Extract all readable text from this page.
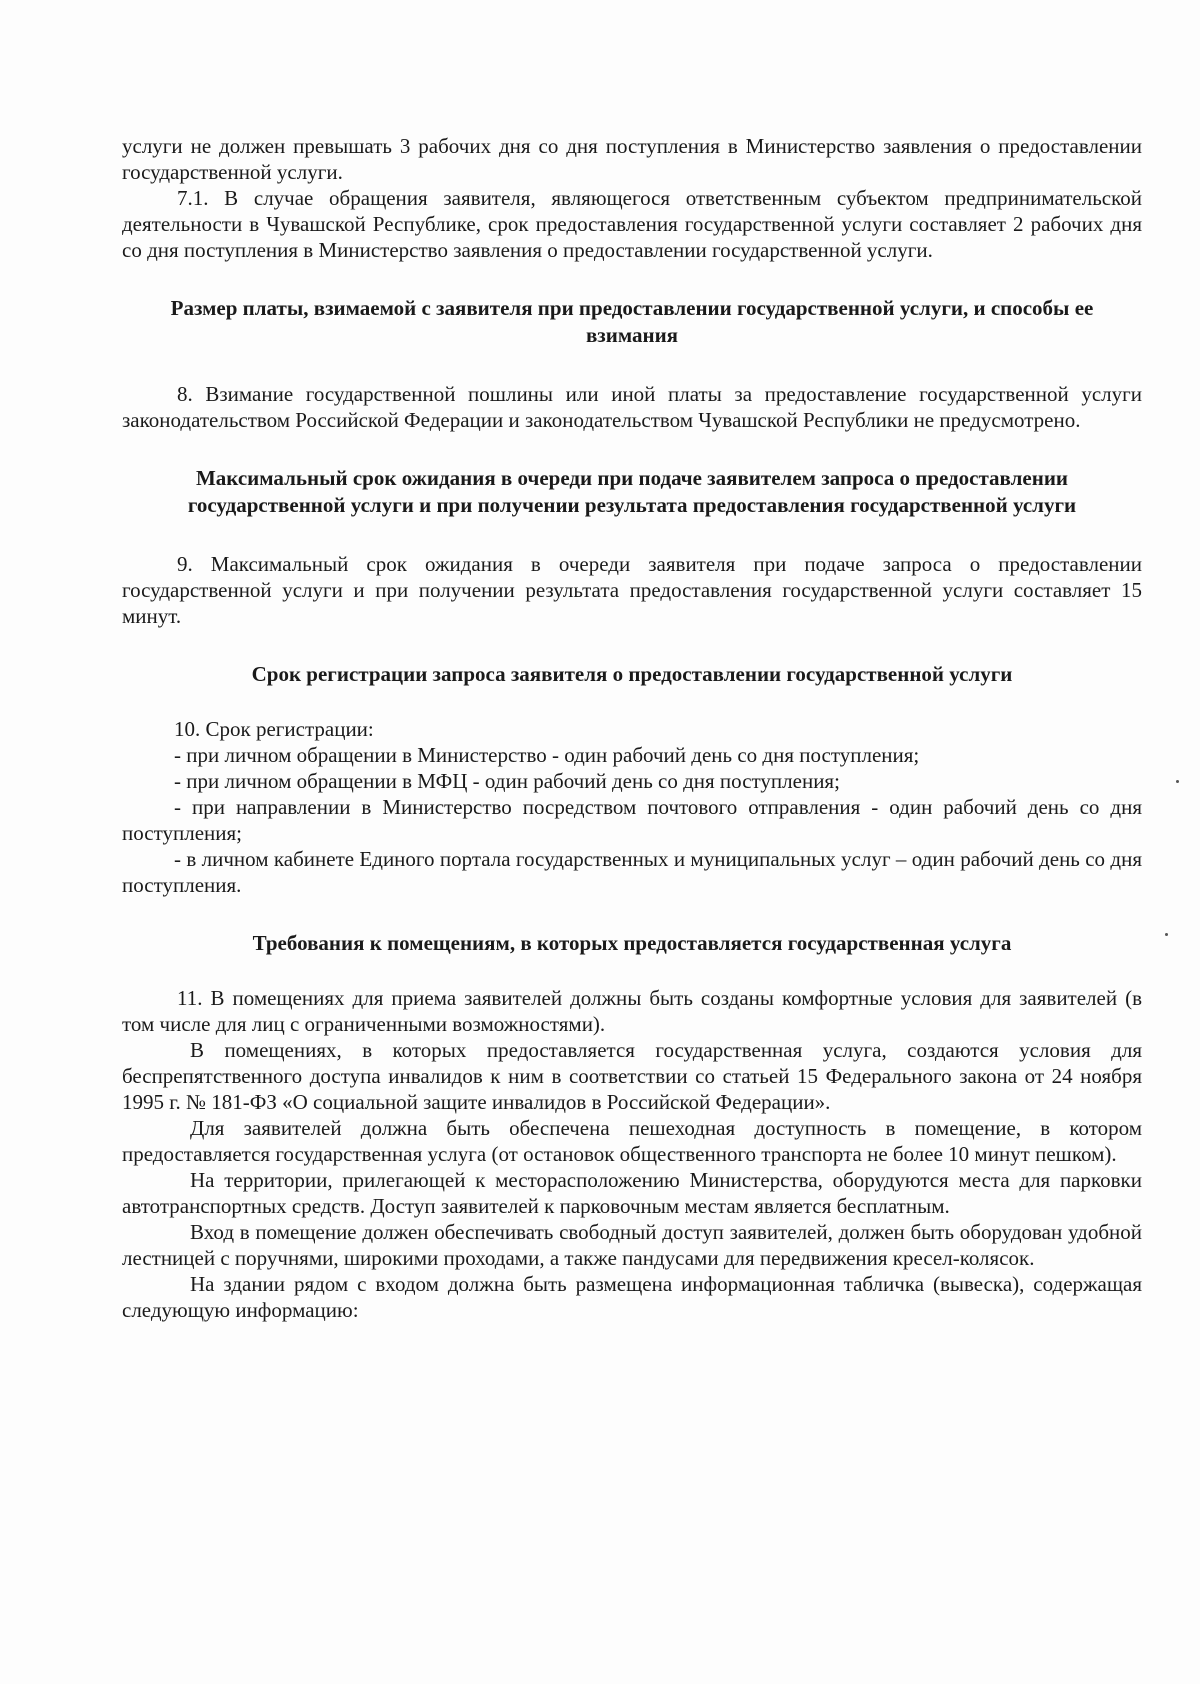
услуги не должен превышать 3 рабочих дня со дня поступления в Министерство заявления о предоставлении государственной услуги.

7.1. В случае обращения заявителя, являющегося ответственным субъектом предпринимательской деятельности в Чувашской Республике, срок предоставления государственной услуги составляет 2 рабочих дня со дня поступления в Министерство заявления о предоставлении государственной услуги.

Размер платы, взимаемой с заявителя при предоставлении государственной услуги, и способы ее взимания

8. Взимание государственной пошлины или иной платы за предоставление государственной услуги законодательством Российской Федерации и законодательством Чувашской Республики не предусмотрено.

Максимальный срок ожидания в очереди при подаче заявителем запроса о предоставлении государственной услуги и при получении результата предоставления государственной услуги

9. Максимальный срок ожидания в очереди заявителя при подаче запроса о предоставлении государственной услуги и при получении результата предоставления государственной услуги составляет 15 минут.

Срок регистрации запроса заявителя о предоставлении государственной услуги

10. Срок регистрации:

- при личном обращении в Министерство - один рабочий день со дня поступления;

- при личном обращении в МФЦ - один рабочий день со дня поступления;

- при направлении в Министерство посредством почтового отправления - один рабочий день со дня поступления;

- в личном кабинете Единого портала государственных и муниципальных услуг – один рабочий день со дня поступления.

Требования к помещениям, в которых предоставляется государственная услуга

11. В помещениях для приема заявителей должны быть созданы комфортные условия для заявителей (в том числе для лиц с ограниченными возможностями).

В помещениях, в которых предоставляется государственная услуга, создаются условия для беспрепятственного доступа инвалидов к ним в соответствии со статьей 15 Федерального закона от 24 ноября 1995 г. № 181-ФЗ «О социальной защите инвалидов в Российской Федерации».

Для заявителей должна быть обеспечена пешеходная доступность в помещение, в котором предоставляется государственная услуга (от остановок общественного транспорта не более 10 минут пешком).

На территории, прилегающей к месторасположению Министерства, оборудуются места для парковки автотранспортных средств. Доступ заявителей к парковочным местам является бесплатным.

Вход в помещение должен обеспечивать свободный доступ заявителей, должен быть оборудован удобной лестницей с поручнями, широкими проходами, а также пандусами для передвижения кресел-колясок.

На здании рядом с входом должна быть размещена информационная табличка (вывеска), содержащая следующую информацию:
